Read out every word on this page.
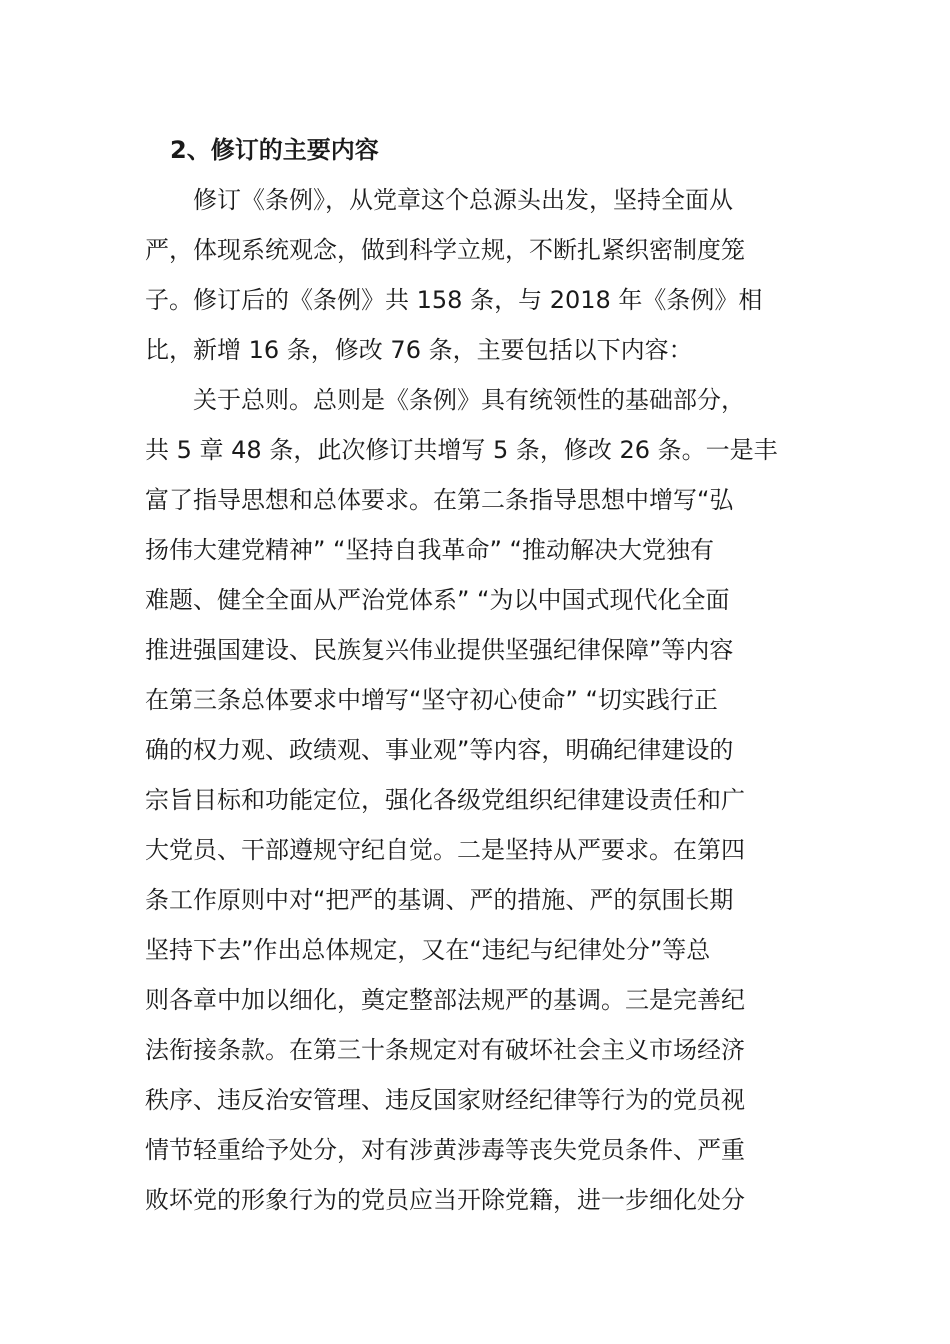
2、修订的主要内容
修订《条例》，从党章这个总源头出发，坚持全面从
严，体现系统观念，做到科学立规，不断扎紧织密制度笼
子。修订后的《条例》共 158 条，与 2018 年《条例》相
比，新增 16 条，修改 76 条，主要包括以下内容：
关于总则。总则是《条例》具有统领性的基础部分，
共 5 章 48 条，此次修订共增写 5 条，修改 26 条。一是丰
富了指导思想和总体要求。在第二条指导思想中增写“弘
扬伟大建党精神” “坚持自我革命” “推动解决大党独有
难题、健全全面从严治党体系” “为以中国式现代化全面
推进强国建设、民族复兴伟业提供坚强纪律保障”等内容
在第三条总体要求中增写“坚守初心使命” “切实践行正
确的权力观、政绩观、事业观”等内容，明确纪律建设的
宗旨目标和功能定位，强化各级党组织纪律建设责任和广
大党员、干部遵规守纪自觉。二是坚持从严要求。在第四
条工作原则中对“把严的基调、严的措施、严的氛围长期
坚持下去”作出总体规定，又在“违纪与纪律处分”等总
则各章中加以细化，奠定整部法规严的基调。三是完善纪
法衔接条款。在第三十条规定对有破坏社会主义市场经济
秩序、违反治安管理、违反国家财经纪律等行为的党员视
情节轻重给予处分，对有涉黄涉毒等丧失党员条件、严重
败坏党的形象行为的党员应当开除党籍，进一步细化处分
